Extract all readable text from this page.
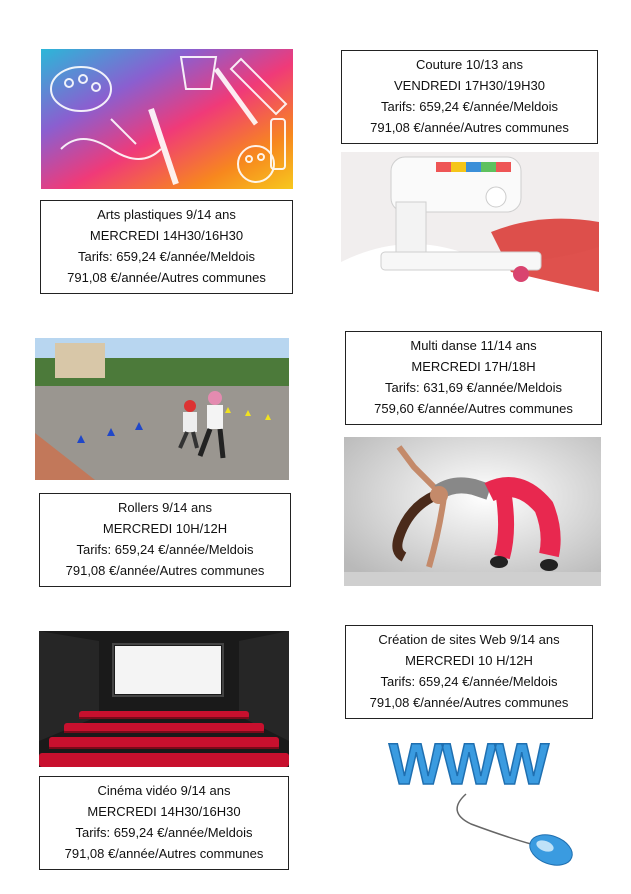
Arts plastiques 9/14 ans
MERCREDI 14H30/16H30
Tarifs: 659,24 €/année/Meldois
791,08 €/année/Autres communes
Couture 10/13 ans
VENDREDI 17H30/19H30
Tarifs: 659,24 €/année/Meldois
791,08 €/année/Autres communes
Rollers 9/14 ans
MERCREDI 10H/12H
Tarifs: 659,24 €/année/Meldois
791,08 €/année/Autres communes
Multi danse 11/14 ans
MERCREDI 17H/18H
Tarifs: 631,69 €/année/Meldois
759,60 €/année/Autres communes
Cinéma vidéo 9/14 ans
MERCREDI 14H30/16H30
Tarifs: 659,24 €/année/Meldois
791,08 €/année/Autres communes
Création de sites Web 9/14 ans
MERCREDI 10 H/12H
Tarifs: 659,24 €/année/Meldois
791,08 €/année/Autres communes
WWW
